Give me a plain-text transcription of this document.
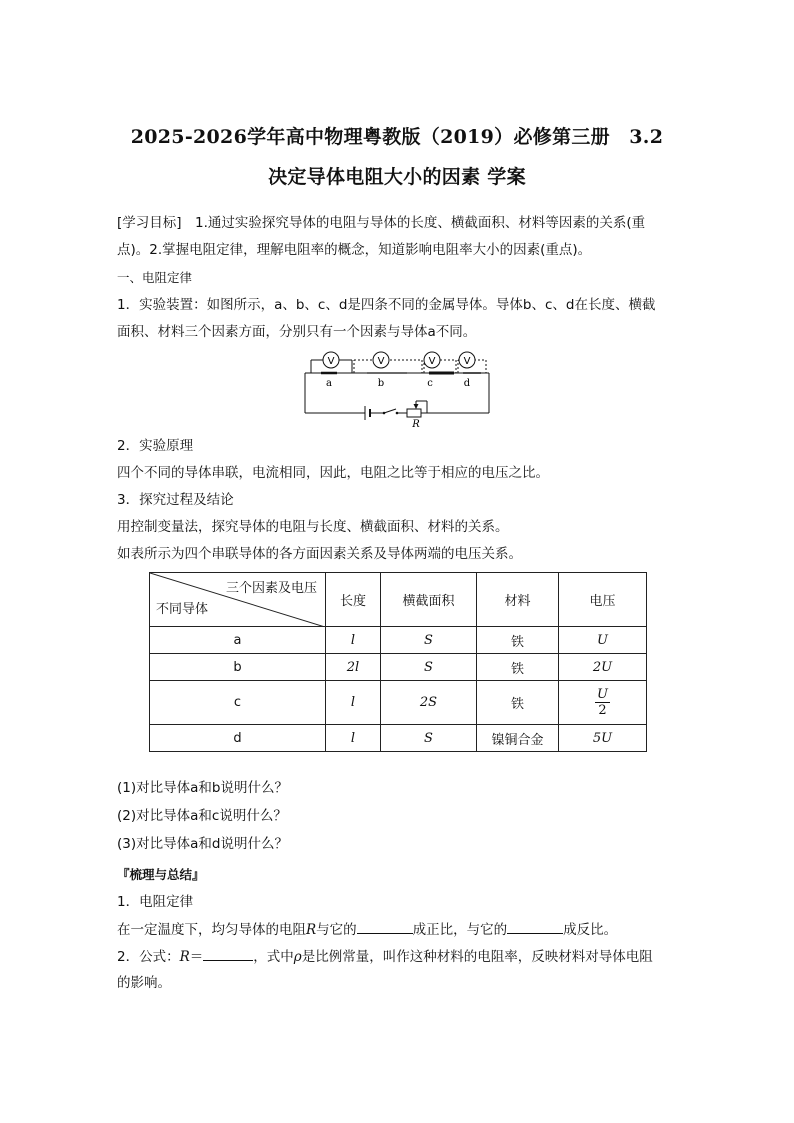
2025-2026学年高中物理粤教版（2019）必修第三册　3.2
决定导体电阻大小的因素 学案
[学习目标]　1.通过实验探究导体的电阻与导体的长度、横截面积、材料等因素的关系(重
点)。2.掌握电阻定律，理解电阻率的概念，知道影响电阻率大小的因素(重点)。
一、电阻定律
1．实验装置：如图所示，a、b、c、d是四条不同的金属导体。导体b、c、d在长度、横截
面积、材料三个因素方面，分别只有一个因素与导体a不同。
V	V	V	V
a	b	c	d
R
2．实验原理
四个不同的导体串联，电流相同，因此，电阻之比等于相应的电压之比。
3．探究过程及结论
用控制变量法，探究导体的电阻与长度、横截面积、材料的关系。
如表所示为四个串联导体的各方面因素关系及导体两端的电压关系。
三个因素及电压
不同导体	长度	横截面积	材料	电压
a	l	S	铁	U
b	2l	S	铁	2U
c	l	2S	铁	$\frac{U}{2}$

d	l	S	镍铜合金	5U
(1)对比导体a和b说明什么？
(2)对比导体a和c说明什么？
(3)对比导体a和d说明什么？
『梳理与总结』
1．电阻定律
在一定温度下，均匀导体的电阻R与它的	成正比，与它的	成反比。
2．公式：R＝	，式中ρ是比例常量，叫作这种材料的电阻率，反映材料对导体电阻
的影响。
